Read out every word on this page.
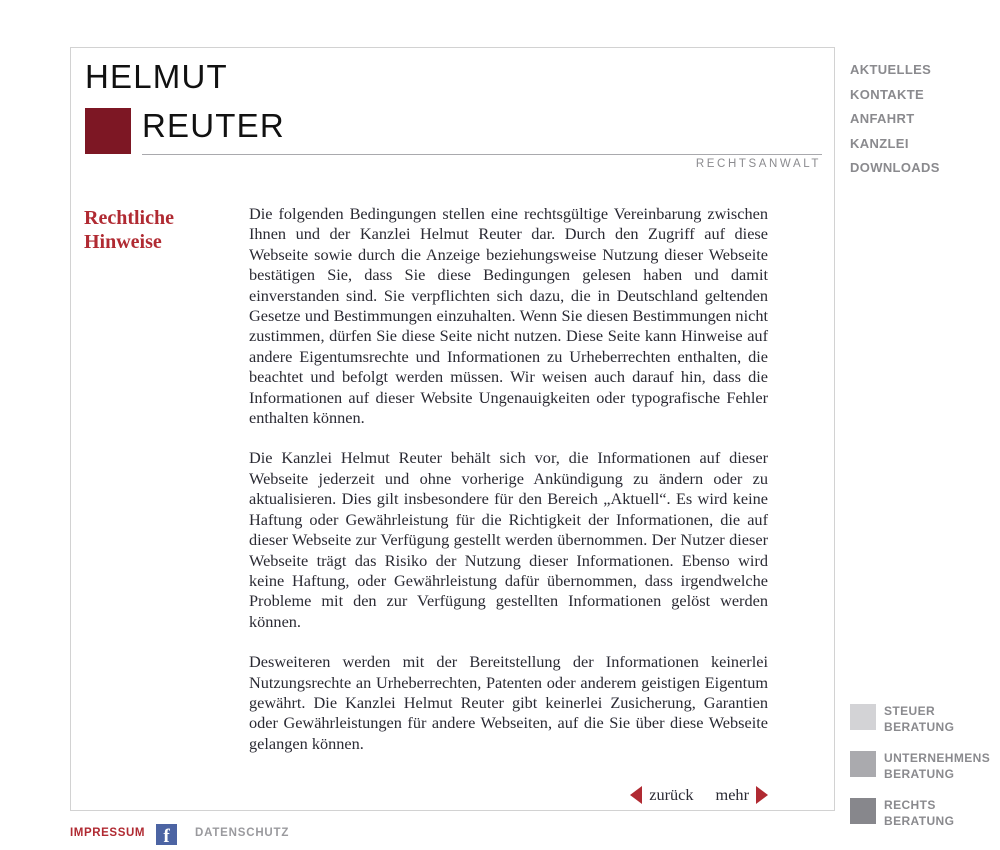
HELMUT
REUTER
RECHTSANWALT
Rechtliche Hinweise

Die folgenden Bedingungen stellen eine rechtsgültige Vereinbarung zwischen Ihnen und der Kanzlei Helmut Reuter dar. Durch den Zugriff auf diese Webseite sowie durch die Anzeige beziehungsweise Nutzung dieser Webseite bestätigen Sie, dass Sie diese Bedingungen gelesen haben und damit einverstanden sind. Sie verpflichten sich dazu, die in Deutschland geltenden Gesetze und Bestimmungen einzuhalten. Wenn Sie diesen Bestimmungen nicht zustimmen, dürfen Sie diese Seite nicht nutzen. Diese Seite kann Hinweise auf andere Eigentumsrechte und Informationen zu Urheberrechten enthalten, die beachtet und befolgt werden müssen. Wir weisen auch darauf hin, dass die Informationen auf dieser Website Ungenauigkeiten oder typografische Fehler enthalten können.

Die Kanzlei Helmut Reuter behält sich vor, die Informationen auf dieser Webseite jederzeit und ohne vorherige Ankündigung zu ändern oder zu aktualisieren. Dies gilt insbesondere für den Bereich „Aktuell“. Es wird keine Haftung oder Gewährleistung für die Richtigkeit der Informationen, die auf dieser Webseite zur Verfügung gestellt werden übernommen. Der Nutzer dieser Webseite trägt das Risiko der Nutzung dieser Informationen. Ebenso wird keine Haftung, oder Gewährleistung dafür übernommen, dass irgendwelche Probleme mit den zur Verfügung gestellten Informationen gelöst werden können.

Desweiteren werden mit der Bereitstellung der Informationen keinerlei Nutzungsrechte an Urheberrechten, Patenten oder anderem geistigen Eigentum gewährt. Die Kanzlei Helmut Reuter gibt keinerlei Zusicherung, Garantien oder Gewährleistungen für andere Webseiten, auf die Sie über diese Webseite gelangen können.

zurück mehr
AKTUELLES
KONTAKTE
ANFAHRT
KANZLEI
DOWNLOADS
STEUER
BERATUNG
UNTERNEHMENS
BERATUNG
RECHTS
BERATUNG
IMPRESSUM f	DATENSCHUTZ
